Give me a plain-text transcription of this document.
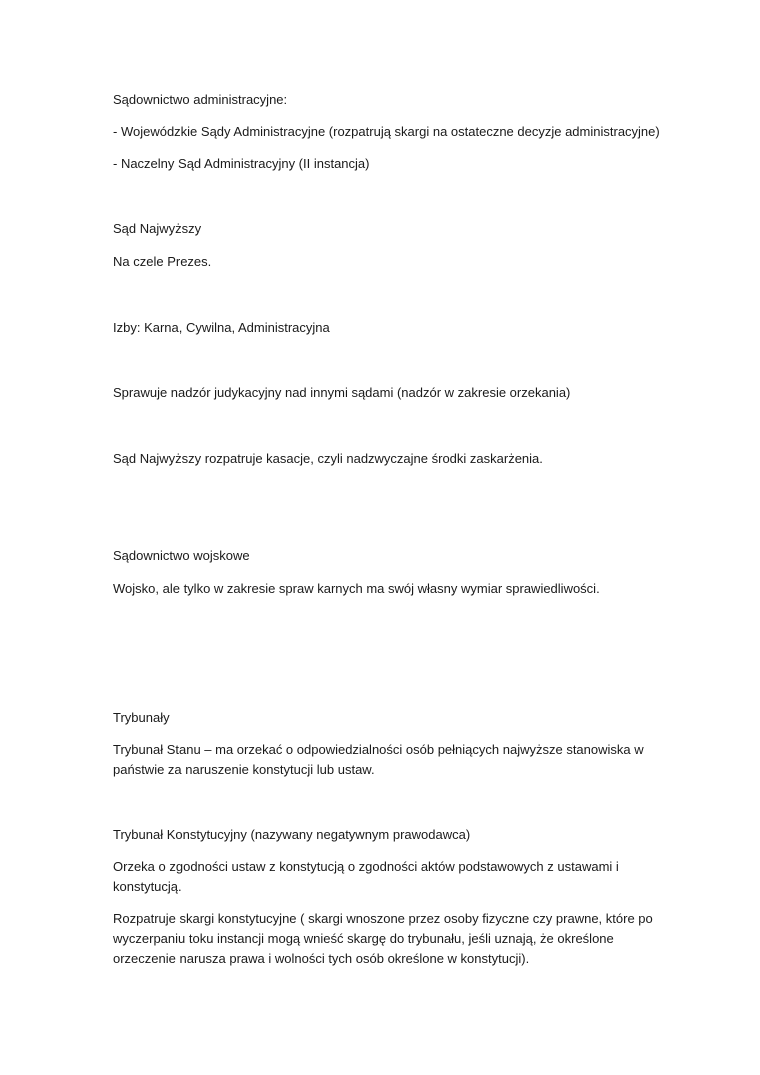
Sądownictwo administracyjne:
- Wojewódzkie Sądy Administracyjne (rozpatrują skargi na ostateczne decyzje administracyjne)
- Naczelny Sąd Administracyjny (II instancja)
Sąd Najwyższy
Na czele Prezes.
Izby: Karna, Cywilna, Administracyjna
Sprawuje nadzór judykacyjny nad innymi sądami (nadzór w zakresie orzekania)
Sąd Najwyższy rozpatruje kasacje, czyli nadzwyczajne środki zaskarżenia.
Sądownictwo wojskowe
Wojsko, ale tylko w zakresie spraw karnych ma swój własny wymiar sprawiedliwości.
Trybunały
Trybunał Stanu – ma orzekać o odpowiedzialności osób pełniących najwyższe stanowiska w państwie za naruszenie konstytucji lub ustaw.
Trybunał Konstytucyjny (nazywany negatywnym prawodawca)
Orzeka o zgodności ustaw z konstytucją o zgodności aktów podstawowych z ustawami i konstytucją.
Rozpatruje skargi konstytucyjne ( skargi wnoszone przez osoby fizyczne czy prawne, które po wyczerpaniu toku instancji mogą wnieść skargę do trybunału, jeśli uznają, że określone orzeczenie narusza prawa i wolności tych osób określone w konstytucji).
